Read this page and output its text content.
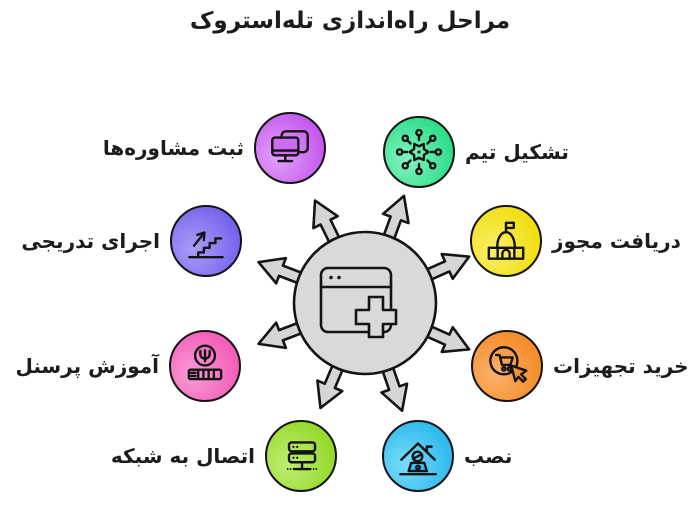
مراحل راه‌اندازی تله‌استروک
تشکیل تیم
ثبت مشاوره‌ها
دریافت مجوز
اجرای تدریجی
خرید تجهیزات
آموزش پرسنل
نصب
اتصال به شبکه
